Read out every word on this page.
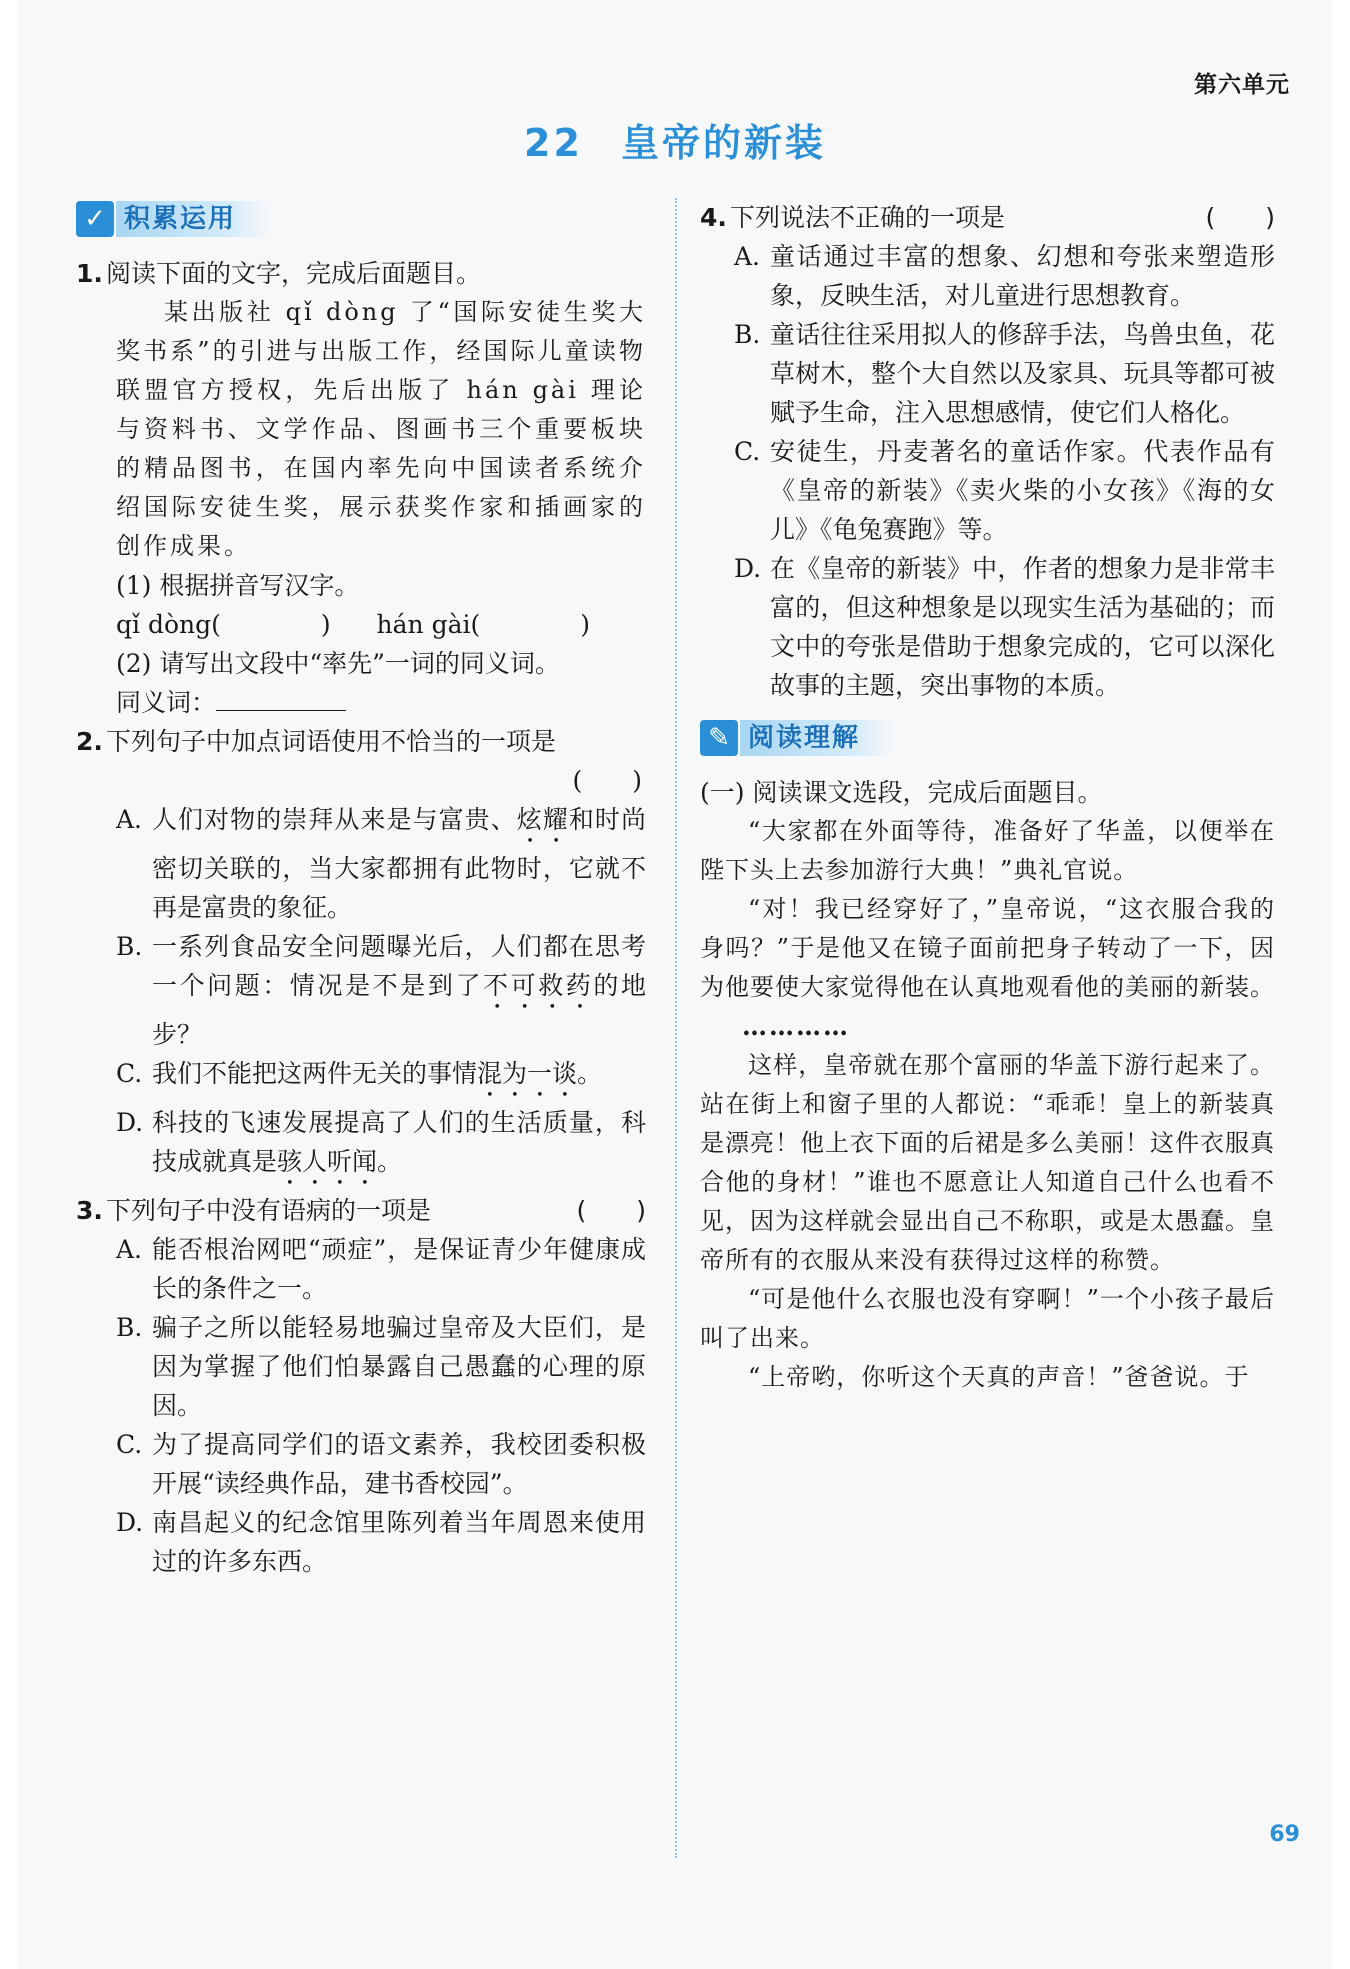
第六单元
22 皇帝的新装
✓ 积累运用
1. 阅读下面的文字，完成后面题目。
某出版社 qǐ dòng 了“国际安徒生奖大奖书系”的引进与出版工作，经国际儿童读物联盟官方授权，先后出版了 hán gài 理论与资料书、文学作品、图画书三个重要板块的精品图书，在国内率先向中国读者系统介绍国际安徒生奖，展示获奖作家和插画家的创作成果。
(1) 根据拼音写汉字。
qǐ dòng(　　　　) hán gài(　　　　)
(2) 请写出文段中“率先”一词的同义词。
同义词：
2. 下列句子中加点词语使用不恰当的一项是
(　　)
A. 人们对物的崇拜从来是与富贵、炫耀和时尚密切关联的，当大家都拥有此物时，它就不再是富贵的象征。
B. 一系列食品安全问题曝光后，人们都在思考一个问题：情况是不是到了不可救药的地步？
C. 我们不能把这两件无关的事情混为一谈。
D. 科技的飞速发展提高了人们的生活质量，科技成就真是骇人听闻。
3. 下列句子中没有语病的一项是	(　　)
A. 能否根治网吧“顽症”，是保证青少年健康成长的条件之一。
B. 骗子之所以能轻易地骗过皇帝及大臣们，是因为掌握了他们怕暴露自己愚蠢的心理的原因。
C. 为了提高同学们的语文素养，我校团委积极开展“读经典作品，建书香校园”。
D. 南昌起义的纪念馆里陈列着当年周恩来使用过的许多东西。
4. 下列说法不正确的一项是	(　　)
A. 童话通过丰富的想象、幻想和夸张来塑造形象，反映生活，对儿童进行思想教育。
B. 童话往往采用拟人的修辞手法，鸟兽虫鱼，花草树木，整个大自然以及家具、玩具等都可被赋予生命，注入思想感情，使它们人格化。
C. 安徒生，丹麦著名的童话作家。代表作品有《皇帝的新装》《卖火柴的小女孩》《海的女儿》《龟兔赛跑》等。
D. 在《皇帝的新装》中，作者的想象力是非常丰富的，但这种想象是以现实生活为基础的；而文中的夸张是借助于想象完成的，它可以深化故事的主题，突出事物的本质。
✎ 阅读理解
(一) 阅读课文选段，完成后面题目。
“大家都在外面等待，准备好了华盖，以便举在陛下头上去参加游行大典！”典礼官说。
“对！我已经穿好了，”皇帝说，“这衣服合我的身吗？”于是他又在镜子面前把身子转动了一下，因为他要使大家觉得他在认真地观看他的美丽的新装。
…………
这样，皇帝就在那个富丽的华盖下游行起来了。站在街上和窗子里的人都说：“乖乖！皇上的新装真是漂亮！他上衣下面的后裙是多么美丽！这件衣服真合他的身材！”谁也不愿意让人知道自己什么也看不见，因为这样就会显出自己不称职，或是太愚蠢。皇帝所有的衣服从来没有获得过这样的称赞。
“可是他什么衣服也没有穿啊！”一个小孩子最后叫了出来。
“上帝哟，你听这个天真的声音！”爸爸说。于
69
